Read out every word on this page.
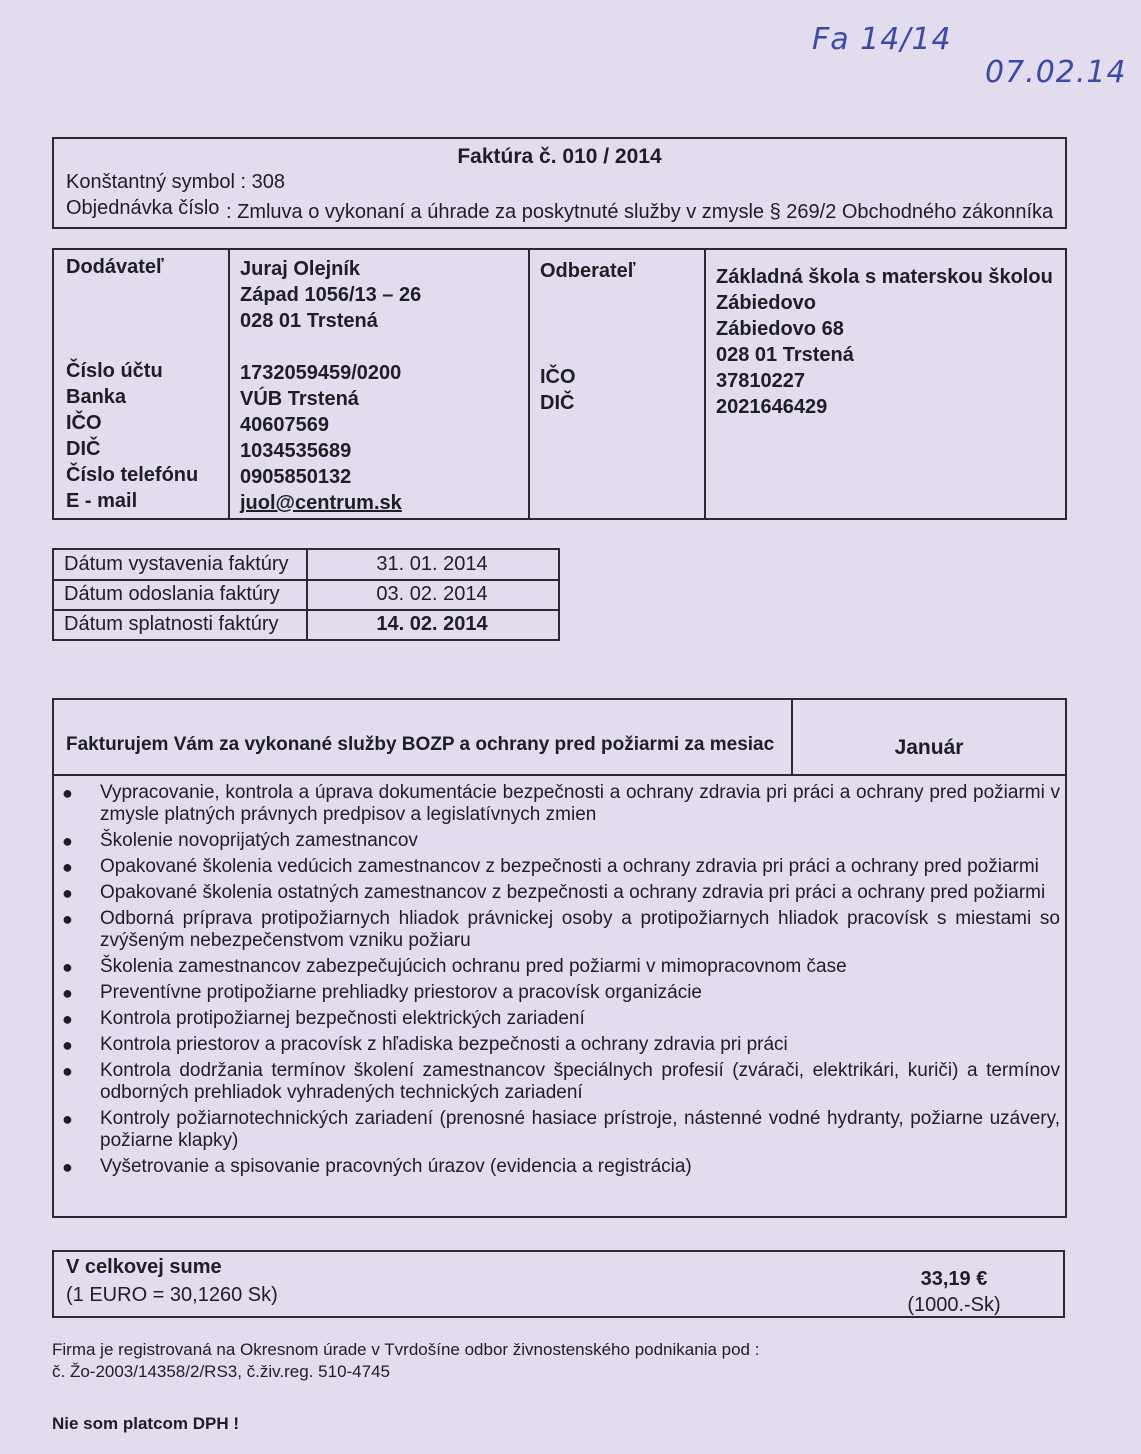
Fa 14/14
07.02.14
Faktúra č. 010 / 2014
Konštantný symbol : 308
Objednávka číslo : Zmluva o vykonaní a úhrade za poskytnuté služby v zmysle § 269/2 Obchodného zákonníka
Dodávateľ	Juraj Olejník
Západ 1056/13 – 26
028 01 Trstená
Číslo účtu	1732059459/0200
Banka	VÚB Trstená
IČO	40607569
DIČ	1034535689
Číslo telefónu 0905850132
E - mail	juol@centrum.sk
Odberateľ	Základná škola s materskou školou
Zábiedovo
Zábiedovo 68
028 01 Trstená
IČO	37810227
DIČ	2021646429
Dátum vystavenia faktúry	31. 01. 2014
Dátum odoslania faktúry	03. 02. 2014
Dátum splatnosti faktúry	14. 02. 2014
Fakturujem Vám za vykonané služby BOZP a ochrany pred požiarmi za mesiac	Január
● Vypracovanie, kontrola a úprava dokumentácie bezpečnosti a ochrany zdravia pri práci a ochrany pred požiarmi v zmysle platných právnych predpisov a legislatívnych zmien
● Školenie novoprijatých zamestnancov
● Opakované školenia vedúcich zamestnancov z bezpečnosti a ochrany zdravia pri práci a ochrany pred požiarmi
● Opakované školenia ostatných zamestnancov z bezpečnosti a ochrany zdravia pri práci a ochrany pred požiarmi
● Odborná príprava protipožiarnych hliadok právnickej osoby a protipožiarnych hliadok pracovísk s miestami so zvýšeným nebezpečenstvom vzniku požiaru
● Školenia zamestnancov zabezpečujúcich ochranu pred požiarmi v mimopracovnom čase
● Preventívne protipožiarne prehliadky priestorov a pracovísk organizácie
● Kontrola protipožiarnej bezpečnosti elektrických zariadení
● Kontrola priestorov a pracovísk z hľadiska bezpečnosti a ochrany zdravia pri práci
● Kontrola dodržania termínov školení zamestnancov špeciálnych profesií (zvárači, elektrikári, kuriči) a termínov odborných prehliadok vyhradených technických zariadení
● Kontroly požiarnotechnických zariadení (prenosné hasiace prístroje, nástenné vodné hydranty, požiarne uzávery, požiarne klapky)
● Vyšetrovanie a spisovanie pracovných úrazov (evidencia a registrácia)
V celkovej sume
(1 EURO = 30,1260 Sk)
33,19 €
(1000.-Sk)
Firma je registrovaná na Okresnom úrade v Tvrdošíne odbor živnostenského podnikania pod :
č. Žo-2003/14358/2/RS3, č.živ.reg. 510-4745
Nie som platcom DPH !
